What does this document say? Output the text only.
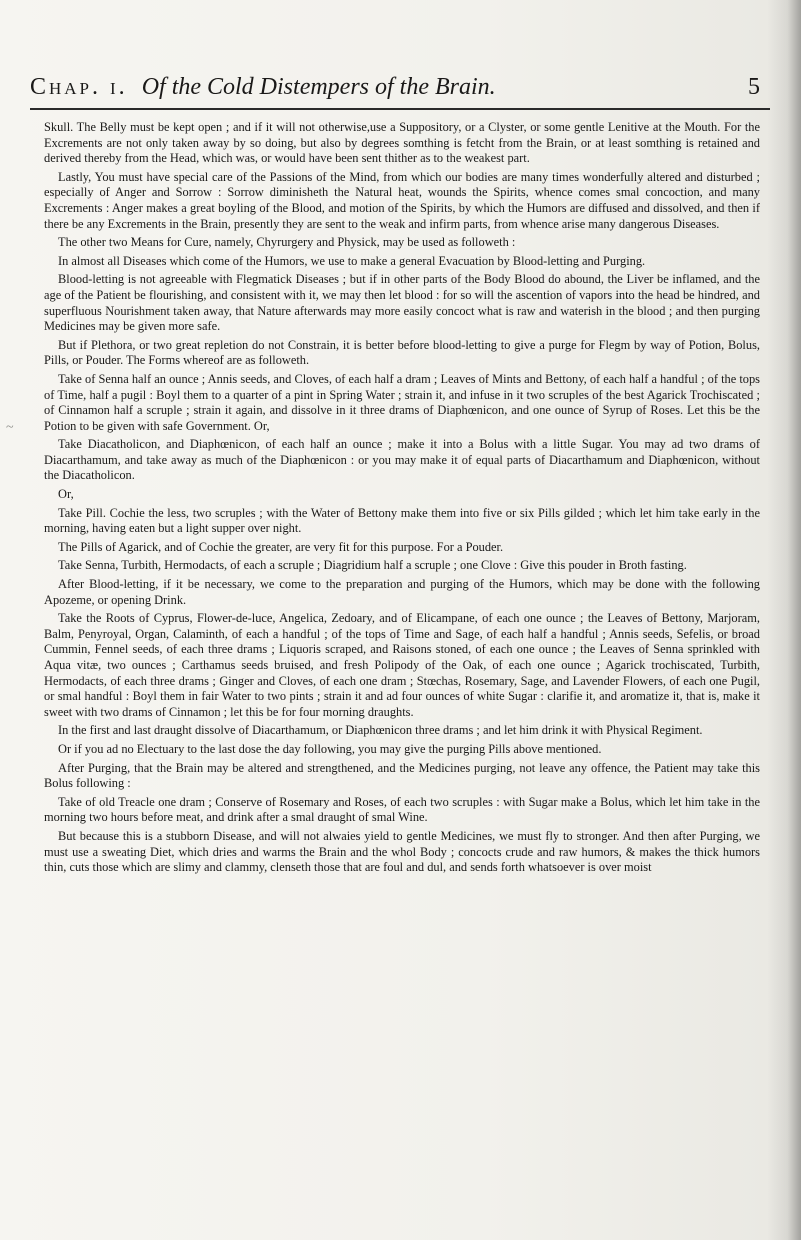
Chap. i. Of the Cold Distempers of the Brain.	5
~

Skull. The Belly must be kept open ; and if it will not otherwise,use a Suppository, or a Clyster, or some gentle Lenitive at the Mouth. For the Excrements are not only taken away by so doing, but also by degrees somthing is fetcht from the Brain, or at least somthing is retained and derived thereby from the Head, which was, or would have been sent thither as to the weakest part.

Lastly, You must have special care of the Passions of the Mind, from which our bodies are many times wonderfully altered and disturbed ; especially of Anger and Sorrow : Sorrow diminisheth the Natural heat, wounds the Spirits, whence comes smal concoction, and many Excrements : Anger makes a great boyling of the Blood, and motion of the Spirits, by which the Humors are diffused and dissolved, and then if there be any Excrements in the Brain, presently they are sent to the weak and infirm parts, from whence arise many dangerous Diseases.

The other two Means for Cure, namely, Chyrurgery and Physick, may be used as followeth :

In almost all Diseases which come of the Humors, we use to make a general Evacuation by Blood-letting and Purging.

Blood-letting is not agreeable with Flegmatick Diseases ; but if in other parts of the Body Blood do abound, the Liver be inflamed, and the age of the Patient be flourishing, and consistent with it, we may then let blood : for so will the ascention of vapors into the head be hindred, and superfluous Nourishment taken away, that Nature afterwards may more easily concoct what is raw and waterish in the blood ; and then purging Medicines may be given more safe.

But if Plethora, or two great repletion do not Constrain, it is better before blood-letting to give a purge for Flegm by way of Potion, Bolus, Pills, or Pouder. The Forms whereof are as followeth.

Take of Senna half an ounce ; Annis seeds, and Cloves, of each half a dram ; Leaves of Mints and Bettony, of each half a handful ; of the tops of Time, half a pugil : Boyl them to a quarter of a pint in Spring Water ; strain it, and infuse in it two scruples of the best Agarick Trochiscated ; of Cinnamon half a scruple ; strain it again, and dissolve in it three drams of Diaphœnicon, and one ounce of Syrup of Roses. Let this be the Potion to be given with safe Government. Or,

Take Diacatholicon, and Diaphœnicon, of each half an ounce ; make it into a Bolus with a little Sugar. You may ad two drams of Diacarthamum, and take away as much of the Diaphœnicon : or you may make it of equal parts of Diacarthamum and Diaphœnicon, without the Diacatholicon.

Or,

Take Pill. Cochie the less, two scruples ; with the Water of Bettony make them into five or six Pills gilded ; which let him take early in the morning, having eaten but a light supper over night.

The Pills of Agarick, and of Cochie the greater, are very fit for this purpose. For a Pouder.

Take Senna, Turbith, Hermodacts, of each a scruple ; Diagridium half a scruple ; one Clove : Give this pouder in Broth fasting.

After Blood-letting, if it be necessary, we come to the preparation and purging of the Humors, which may be done with the following Apozeme, or opening Drink.

Take the Roots of Cyprus, Flower-de-luce, Angelica, Zedoary, and of Elicampane, of each one ounce ; the Leaves of Bettony, Marjoram, Balm, Penyroyal, Organ, Calaminth, of each a handful ; of the tops of Time and Sage, of each half a handful ; Annis seeds, Sefelis, or broad Cummin, Fennel seeds, of each three drams ; Liquoris scraped, and Raisons stoned, of each one ounce ; the Leaves of Senna sprinkled with Aqua vitæ, two ounces ; Carthamus seeds bruised, and fresh Polipody of the Oak, of each one ounce ; Agarick trochiscated, Turbith, Hermodacts, of each three drams ; Ginger and Cloves, of each one dram ; Stœchas, Rosemary, Sage, and Lavender Flowers, of each one Pugil, or smal handful : Boyl them in fair Water to two pints ; strain it and ad four ounces of white Sugar : clarifie it, and aromatize it, that is, make it sweet with two drams of Cinnamon ; let this be for four morning draughts.

In the first and last draught dissolve of Diacarthamum, or Diaphœnicon three drams ; and let him drink it with Physical Regiment.

Or if you ad no Electuary to the last dose the day following, you may give the purging Pills above mentioned.

After Purging, that the Brain may be altered and strengthened, and the Medicines purging, not leave any offence, the Patient may take this Bolus following :

Take of old Treacle one dram ; Conserve of Rosemary and Roses, of each two scruples : with Sugar make a Bolus, which let him take in the morning two hours before meat, and drink after a smal draught of smal Wine.

But because this is a stubborn Disease, and will not alwaies yield to gentle Medicines, we must fly to stronger. And then after Purging, we must use a sweating Diet, which dries and warms the Brain and the whol Body ; concocts crude and raw humors, & makes the thick humors thin, cuts those which are slimy and clammy, clenseth those that are foul and dul, and sends forth whatsoever is over moist
